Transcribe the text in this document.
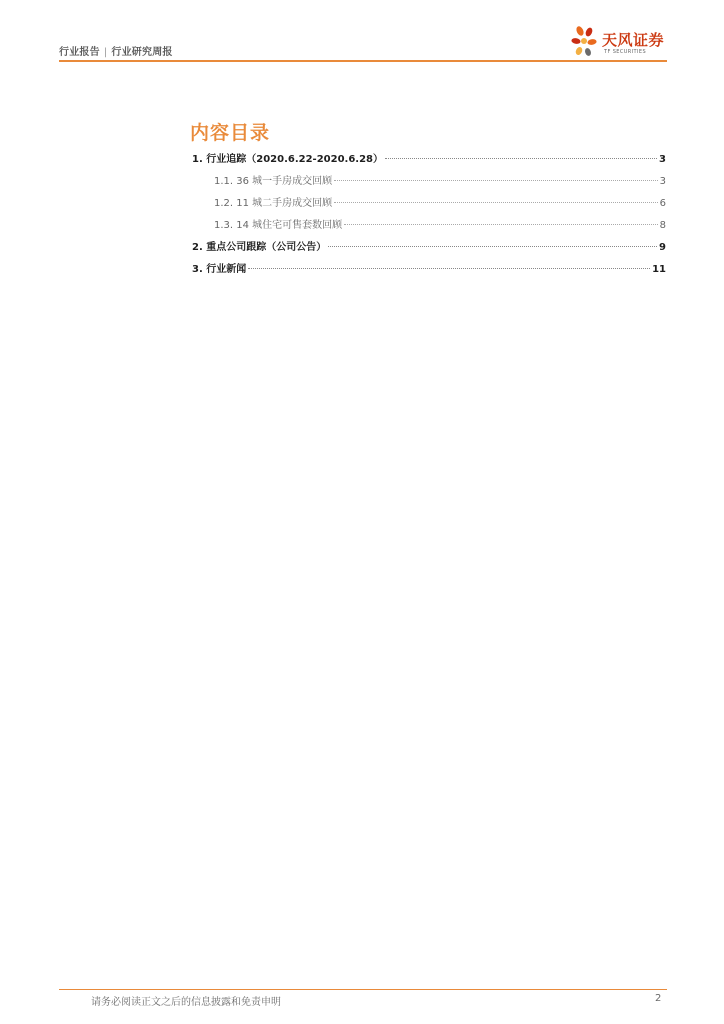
行业报告 | 行业研究周报
天风证券
TF SECURITIES
内容目录
1. 行业追踪（2020.6.22-2020.6.28）	3
1.1. 36 城一手房成交回顾	3
1.2. 11 城二手房成交回顾	6
1.3. 14 城住宅可售套数回顾	8
2. 重点公司跟踪（公司公告）	9
3. 行业新闻	11
请务必阅读正文之后的信息披露和免责申明	2
